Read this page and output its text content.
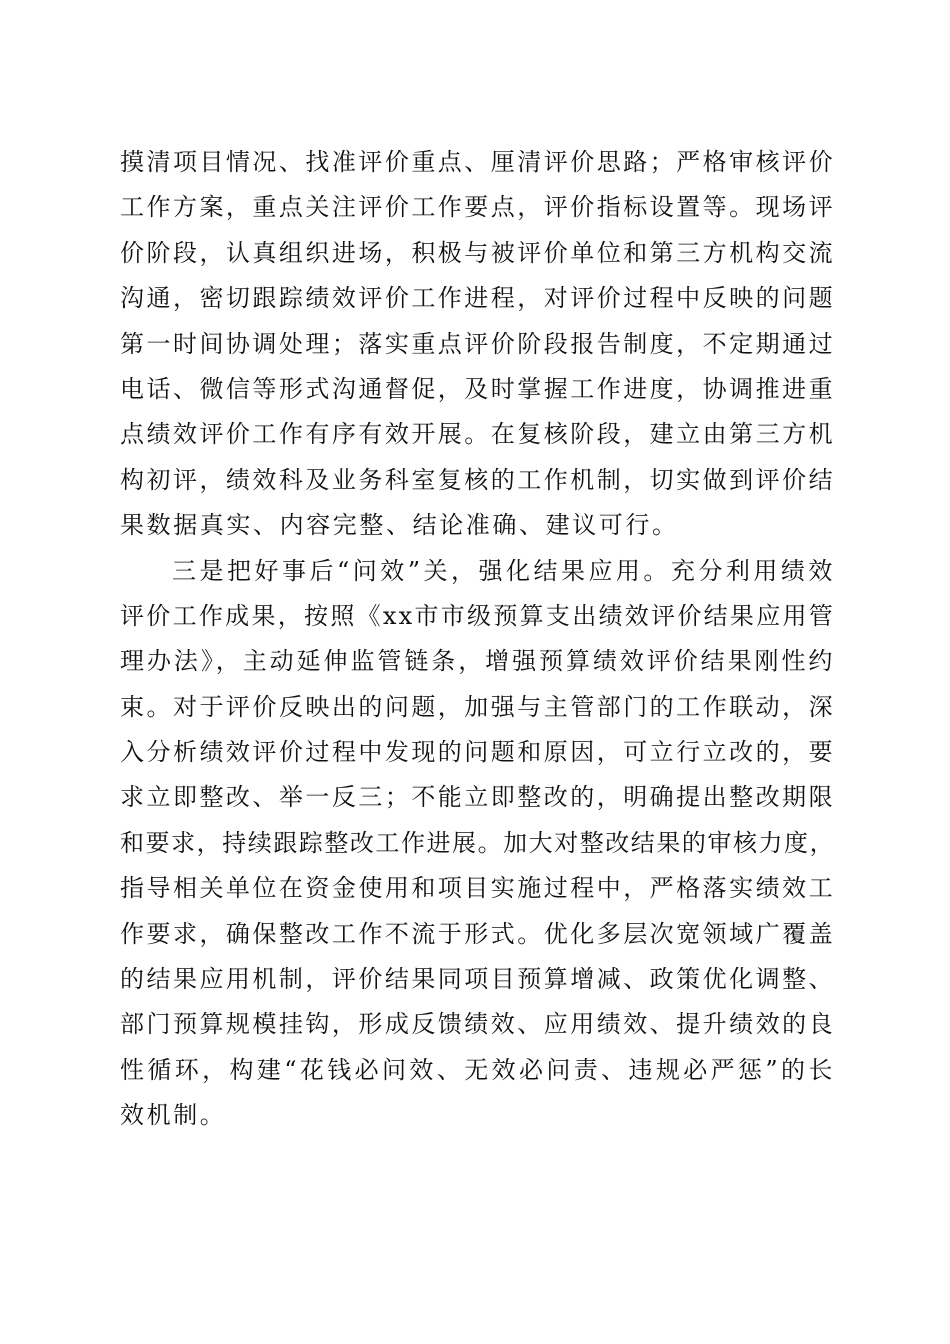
摸清项目情况、找准评价重点、厘清评价思路；严格审核评价
工作方案，重点关注评价工作要点，评价指标设置等。现场评
价阶段，认真组织进场，积极与被评价单位和第三方机构交流
沟通，密切跟踪绩效评价工作进程，对评价过程中反映的问题
第一时间协调处理；落实重点评价阶段报告制度，不定期通过
电话、微信等形式沟通督促，及时掌握工作进度，协调推进重
点绩效评价工作有序有效开展。在复核阶段，建立由第三方机
构初评，绩效科及业务科室复核的工作机制，切实做到评价结
果数据真实、内容完整、结论准确、建议可行。
三是把好事后“问效”关，强化结果应用。充分利用绩效
评价工作成果，按照《xx市市级预算支出绩效评价结果应用管
理办法》，主动延伸监管链条，增强预算绩效评价结果刚性约
束。对于评价反映出的问题，加强与主管部门的工作联动，深
入分析绩效评价过程中发现的问题和原因，可立行立改的，要
求立即整改、举一反三；不能立即整改的，明确提出整改期限
和要求，持续跟踪整改工作进展。加大对整改结果的审核力度，
指导相关单位在资金使用和项目实施过程中，严格落实绩效工
作要求，确保整改工作不流于形式。优化多层次宽领域广覆盖
的结果应用机制，评价结果同项目预算增减、政策优化调整、
部门预算规模挂钩，形成反馈绩效、应用绩效、提升绩效的良
性循环，构建“花钱必问效、无效必问责、违规必严惩”的长
效机制。
